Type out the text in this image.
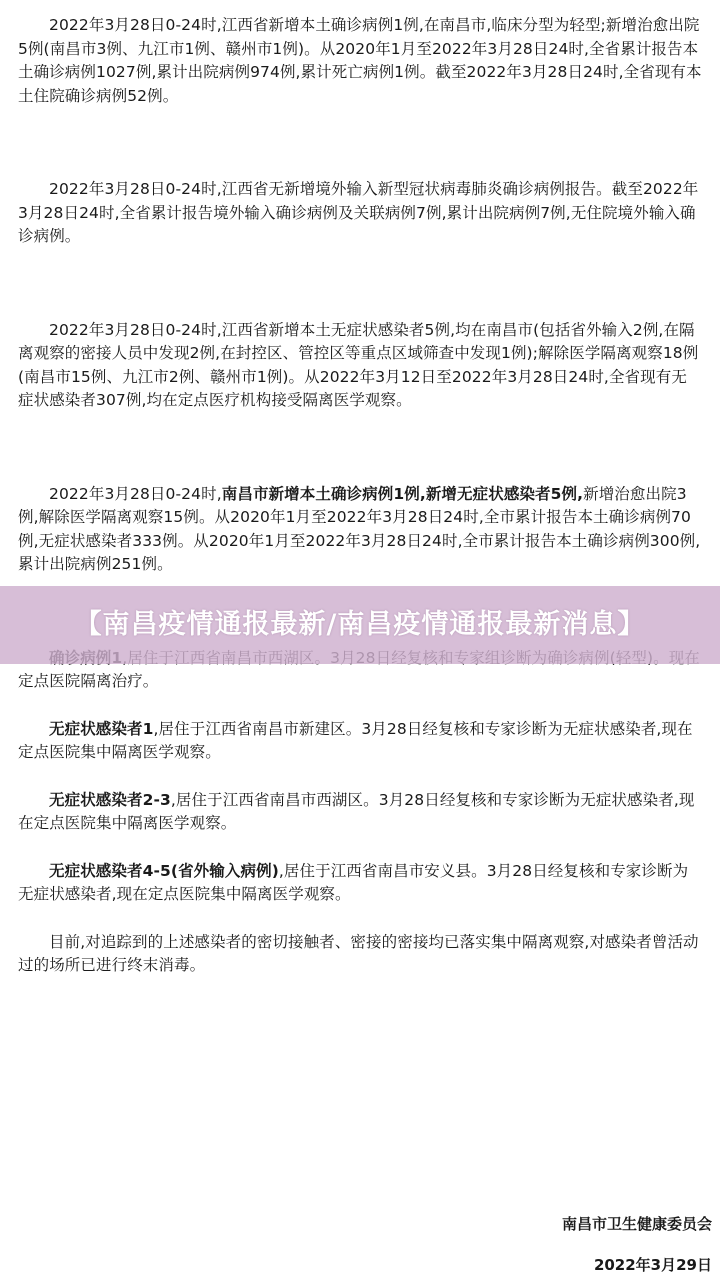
2022年3月28日0-24时,江西省新增本土确诊病例1例,在南昌市,临床分型为轻型;新增治愈出院5例(南昌市3例、九江市1例、赣州市1例)。从2020年1月至2022年3月28日24时,全省累计报告本土确诊病例1027例,累计出院病例974例,累计死亡病例1例。截至2022年3月28日24时,全省现有本土住院确诊病例52例。

2022年3月28日0-24时,江西省无新增境外输入新型冠状病毒肺炎确诊病例报告。截至2022年3月28日24时,全省累计报告境外输入确诊病例及关联病例7例,累计出院病例7例,无住院境外输入确诊病例。

2022年3月28日0-24时,江西省新增本土无症状感染者5例,均在南昌市(包括省外输入2例,在隔离观察的密接人员中发现2例,在封控区、管控区等重点区域筛查中发现1例);解除医学隔离观察18例(南昌市15例、九江市2例、赣州市1例)。从2022年3月12日至2022年3月28日24时,全省现有无症状感染者307例,均在定点医疗机构接受隔离医学观察。

2022年3月28日0-24时,南昌市新增本土确诊病例1例,新增无症状感染者5例,新增治愈出院3例,解除医学隔离观察15例。从2020年1月至2022年3月28日24时,全市累计报告本土确诊病例70例,无症状感染者333例。从2020年1月至2022年3月28日24时,全市累计报告本土确诊病例300例,累计出院病例251例。

定点医院隔离治疗。

无症状感染者1,居住于江西省南昌市新建区。3月28日经复核和专家诊断为无症状感染者,现在定点医院集中隔离医学观察。

无症状感染者2-3,居住于江西省南昌市西湖区。3月28日经复核和专家诊断为无症状感染者,现在定点医院集中隔离医学观察。

无症状感染者4-5(省外输入病例),居住于江西省南昌市安义县。3月28日经复核和专家诊断为无症状感染者,现在定点医院集中隔离医学观察。

目前,对追踪到的上述感染者的密切接触者、密接的密接均已落实集中隔离观察,对感染者曾活动过的场所已进行终末消毒。

南昌市卫生健康委员会
2022年3月29日
【南昌疫情通报最新/南昌疫情通报最新消息】
